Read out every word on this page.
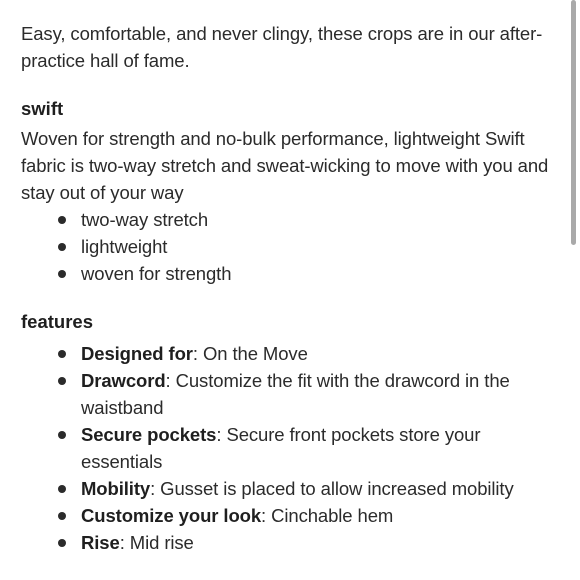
Easy, comfortable, and never clingy, these crops are in our after-practice hall of fame.

swift

Woven for strength and no-bulk performance, lightweight Swift fabric is two-way stretch and sweat-wicking to move with you and stay out of your way

two-way stretch
lightweight
woven for strength
features
Designed for: On the Move
Drawcord: Customize the fit with the drawcord in the waistband
Secure pockets: Secure front pockets store your essentials
Mobility: Gusset is placed to allow increased mobility
Customize your look: Cinchable hem
Rise: Mid rise
